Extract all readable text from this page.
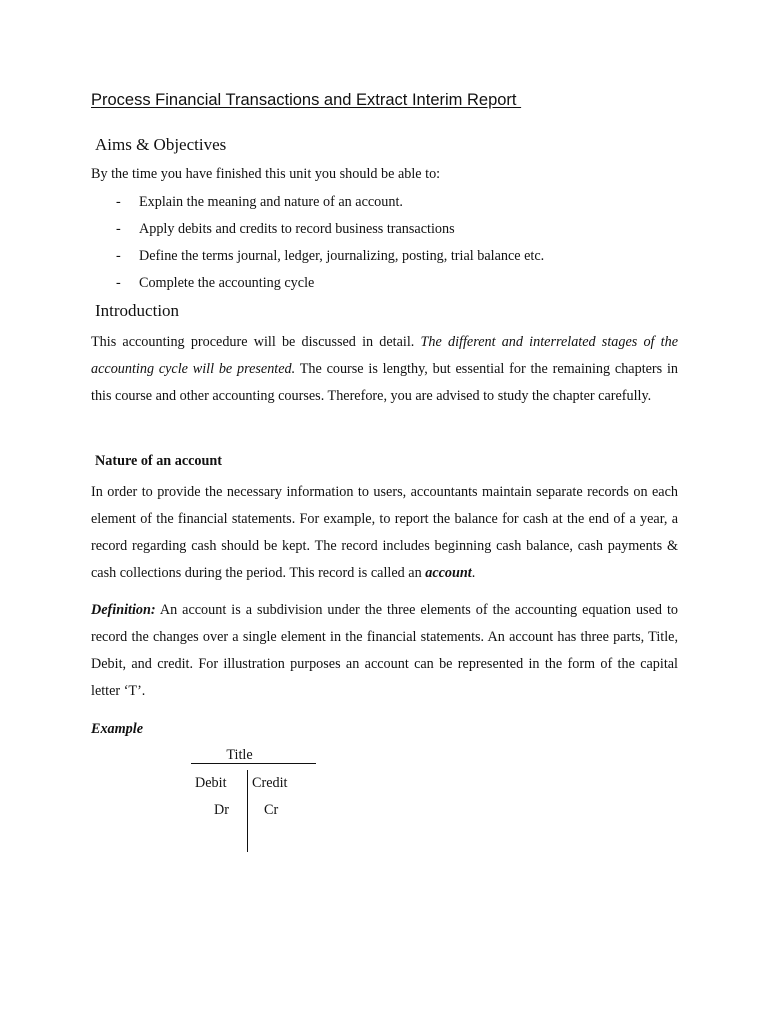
Process Financial Transactions and Extract Interim Report
Aims & Objectives
By the time you have finished this unit you should be able to:
- Explain the meaning and nature of an account.
- Apply debits and credits to record business transactions
- Define the terms journal, ledger, journalizing, posting, trial balance etc.
- Complete the accounting cycle
Introduction

This accounting procedure will be discussed in detail. The different and interrelated stages of the accounting cycle will be presented. The course is lengthy, but essential for the remaining chapters in this course and other accounting courses. Therefore, you are advised to study the chapter carefully.

Nature of an account

In order to provide the necessary information to users, accountants maintain separate records on each element of the financial statements. For example, to report the balance for cash at the end of a year, a record regarding cash should be kept. The record includes beginning cash balance, cash payments & cash collections during the period. This record is called an account.

Definition: An account is a subdivision under the three elements of the accounting equation used to record the changes over a single element in the financial statements. An account has three parts, Title, Debit, and credit. For illustration purposes an account can be represented in the form of the capital letter ‘T’.

Example
Title
Debit Credit
Dr Cr
